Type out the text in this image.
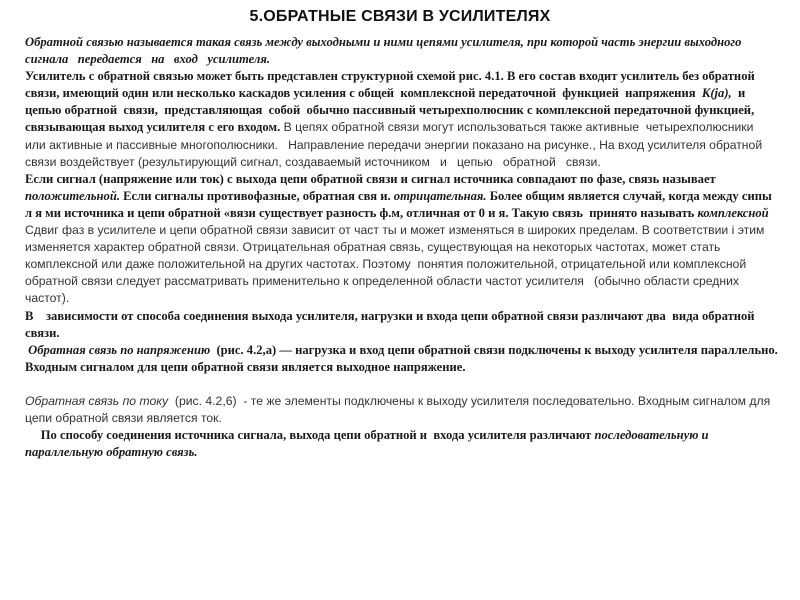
5.ОБРАТНЫЕ СВЯЗИ В УСИЛИТЕЛЯХ

Обратной связью называется такая связь между выходными и ними цепями усилителя, при которой часть энергии выходного сигнала   передается   на   вход   усилителя.

Усилитель с обратной связью может быть представлен структурной схемой рис. 4.1. В его состав входит усилитель без обратной связи, имеющий один или несколько каскадов усиления с общей  комплексной передаточной  функцией  напряжения  К(jа),  и  цепью обратной  связи,  представляющая  собой  обычно пассивный четырехполюсник с комплексной передаточной функцией, связывающая выход усилителя с его входом. В цепях обратной связи могут использоваться также активные  четырехполюсники  или активные и пассивные многополюсники.   Направление передачи энергии показано на рисунке., На вход усилителя обратной связи воздействует (результирующий сигнал, создаваемый источником   и   цепью   обратной   связи.

Если сигнал (напряжение или ток) с выхода цепи обратной связи и сигнал источника совпадают по фазе, связь называет положительной. Если сигналы противофазные, обратная свя и. отрицательная. Более общим является случай, когда между сипы л я ми источника и цепи обратной «вязи существует разность ф.м, отличная от 0 и я. Такую связь  принято называть комплексной

Сдвиг фаз в усилителе и цепи обратной связи зависит от част ты и может изменяться в широких пределам. В соответствии і этим изменяется характер обратной связи. Отрицательная обратная связь, существующая на некоторых частотах, может стать комплексной или даже положительной на других частотах. Поэтому  понятия положительной, отрицательной или комплексной обратной связи следует рассматривать применительно к определенной области частот усилителя   (обычно области средних  частот).

В    зависимости от способа соединения выхода усилителя, нагрузки и входа цепи обратной связи различают два  вида обратной связи.

Обратная связь по напряжению  (рис. 4.2,а) — нагрузка и вход цепи обратной связи подключены к выходу усилителя параллельно. Входным сигналом для цепи обратной связи является выходное напряжение.

Обратная связь по току  (рис. 4.2,6)  - те же элементы подключены к выходу усилителя последовательно. Входным сигналом для цепи обратной связи является ток.

По способу соединения источника сигнала, выхода цепи обратной и  входа усилителя различают последовательную и параллельную обратную связь.
